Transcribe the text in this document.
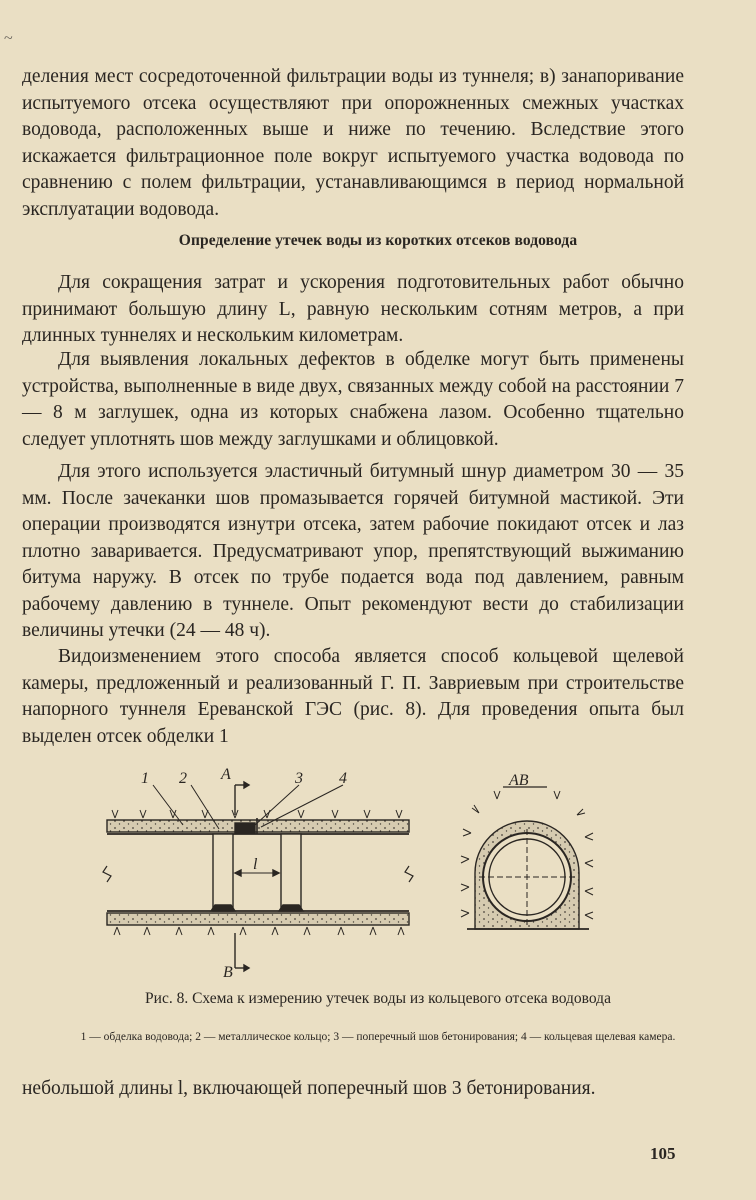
~

деления мест сосредоточенной фильтрации воды из туннеля; в) занапоривание испытуемого отсека осуществляют при опорожненных смежных участках водовода, расположенных выше и ниже по течению. Вследствие этого искажается фильтрационное поле вокруг испытуемого участка водовода по сравнению с полем фильтрации, устанавливающимся в период нормальной эксплуатации водовода.

Определение утечек воды из коротких отсеков водовода

Для сокращения затрат и ускорения подготовительных работ обычно принимают большую длину L, равную нескольким сотням метров, а при длинных туннелях и нескольким километрам.

Для выявления локальных дефектов в обделке могут быть применены устройства, выполненные в виде двух, связанных между собой на расстоянии 7 — 8 м заглушек, одна из которых снабжена лазом. Особенно тщательно следует уплотнять шов между заглушками и облицовкой.

Для этого используется эластичный битумный шнур диаметром 30 — 35 мм. После зачеканки шов промазывается горячей битумной мастикой. Эти операции производятся изнутри отсека, затем рабочие покидают отсек и лаз плотно заваривается. Предусматривают упор, препятствующий выжиманию битума наружу. В отсек по трубе подается вода под давлением, равным рабочему давлению в туннеле. Опыт рекомендуют вести до стабилизации величины утечки (24 — 48 ч).

Видоизменением этого способа является способ кольцевой щелевой камеры, предложенный и реализованный Г. П. Завриевым при строительстве напорного туннеля Ереванской ГЭС (рис. 8). Для проведения опыта был выделен отсек обделки 1

1 2 А	3 4
l
В
АВ
Рис. 8. Схема к измерению утечек воды из кольцевого отсека водовода
1 — обделка водовода; 2 — металлическое кольцо; 3 — поперечный шов бетонирования; 4 — кольцевая щелевая камера.

небольшой длины l, включающей поперечный шов 3 бетонирования.

105
